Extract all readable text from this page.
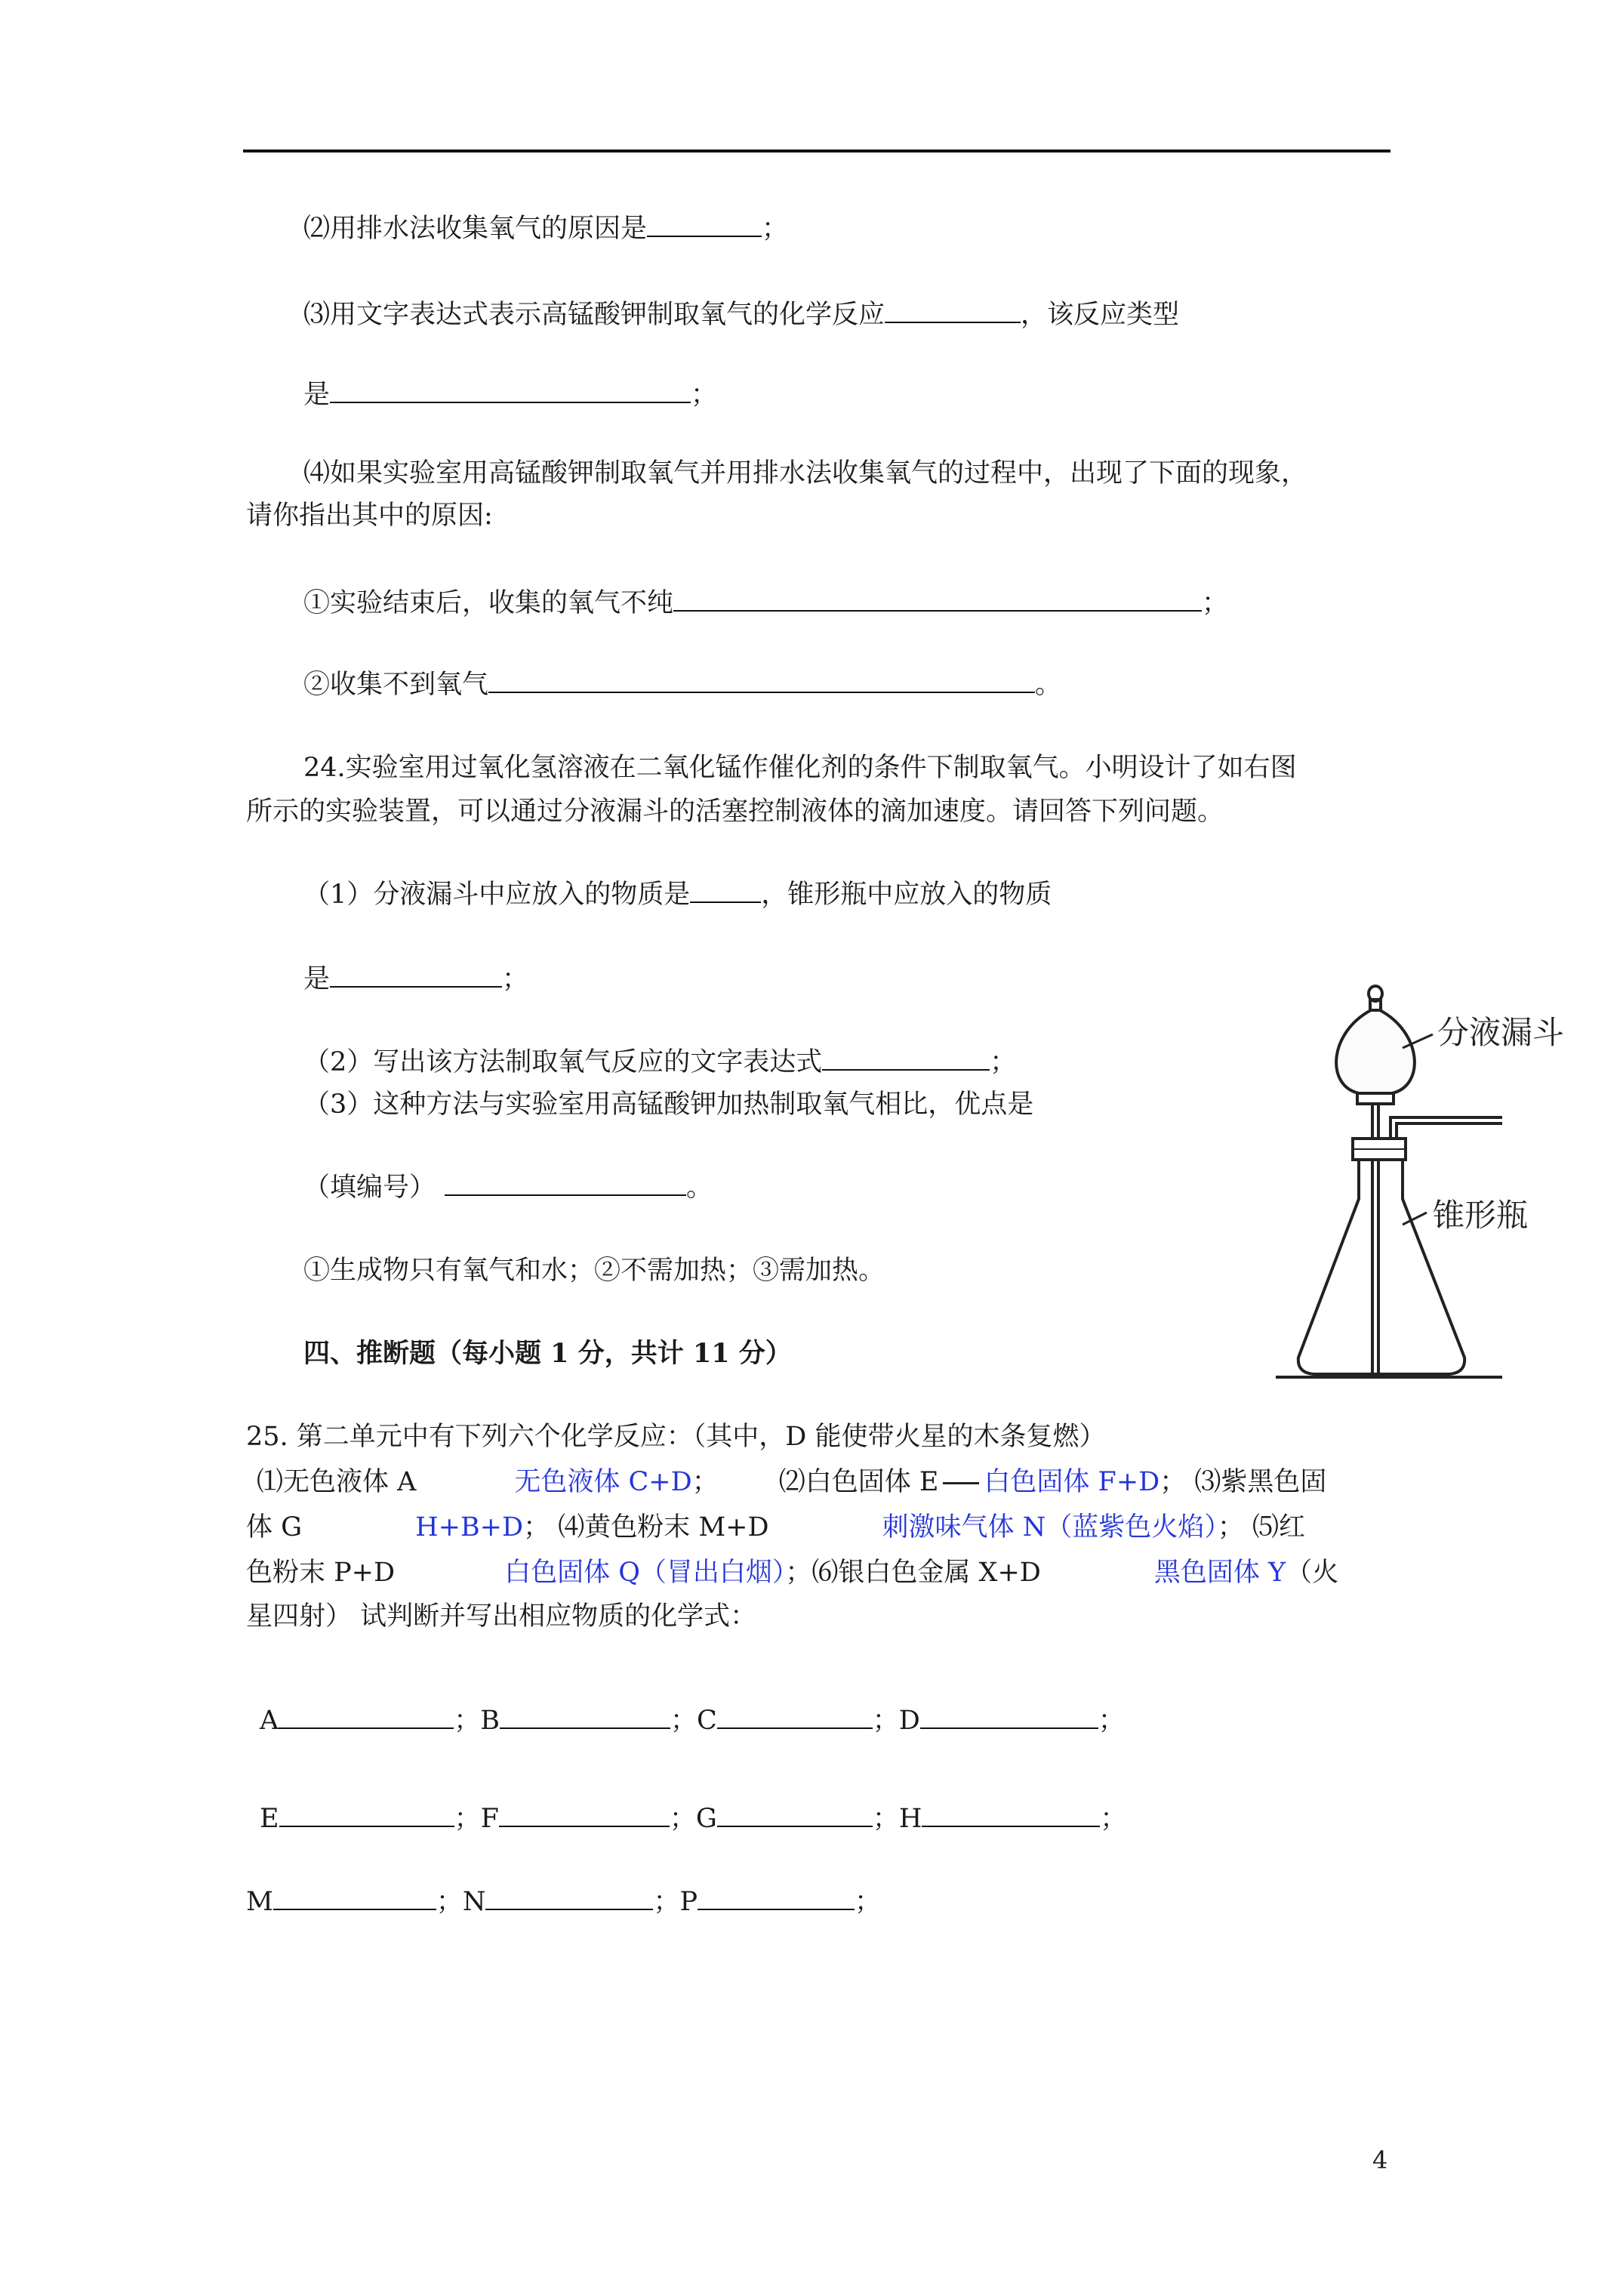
⑵用排水法收集氧气的原因是	；
⑶用文字表达式表示高锰酸钾制取氧气的化学反应	，该反应类型
是	；
⑷如果实验室用高锰酸钾制取氧气并用排水法收集氧气的过程中，出现了下面的现象，
请你指出其中的原因:
①实验结束后，收集的氧气不纯	；
②收集不到氧气	。
24.实验室用过氧化氢溶液在二氧化锰作催化剂的条件下制取氧气。小明设计了如右图
所示的实验装置，可以通过分液漏斗的活塞控制液体的滴加速度。请回答下列问题。
（1）分液漏斗中应放入的物质是	，锥形瓶中应放入的物质
是	；
（2）写出该方法制取氧气反应的文字表达式	；
（3）这种方法与实验室用高锰酸钾加热制取氧气相比，优点是
（填编号）	。
①生成物只有氧气和水；②不需加热；③需加热。
四、推断题（每小题 1 分，共计 11 分）
分液漏斗
锥形瓶
25. 第二单元中有下列六个化学反应：（其中，D 能使带火星的木条复燃）
⑴无色液体 A	无色液体 C+D； ⑵白色固体 E 白色固体 F+D； ⑶紫黑色固
体 G	H+B+D； ⑷黄色粉末 M+D	刺激味气体 N（蓝紫色火焰）； ⑸红
色粉末 P+D	白色固体 Q（冒出白烟）；⑹银白色金属 X+D	黑色固体 Y（火
星四射） 试判断并写出相应物质的化学式：
A	；B	；C	；D	；
E	；F	；G	；H	；
M	；N	；P	；
4
